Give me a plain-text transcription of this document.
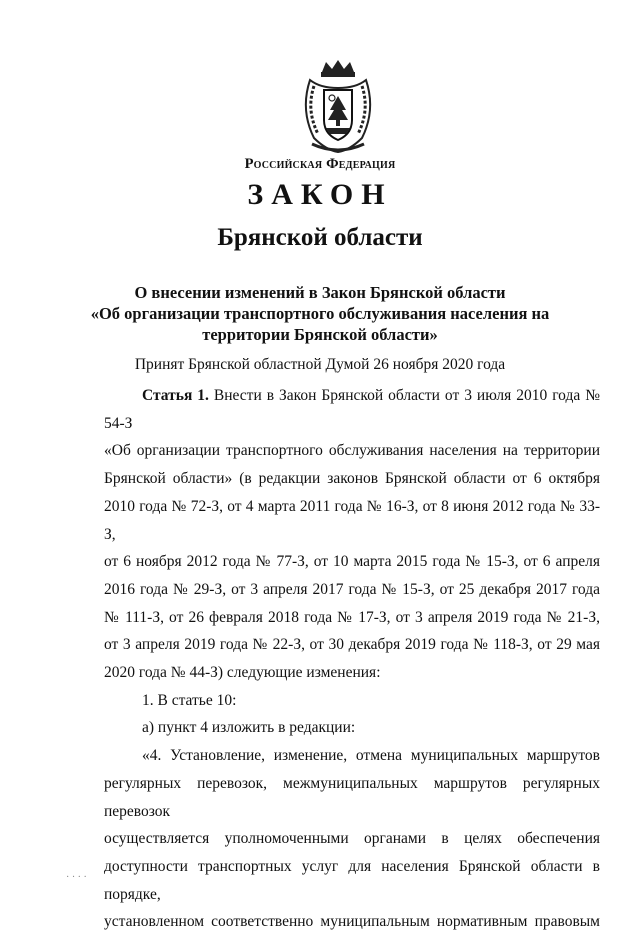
Российская Федерация
ЗАКОН
Брянской области
О внесении изменений в Закон Брянской области
«Об организации транспортного обслуживания населения на
территории Брянской области»
Принят Брянской областной Думой 26 ноября 2020 года

Статья 1. Внести в Закон Брянской области от 3 июля 2010 года № 54-З

«Об организации транспортного обслуживания населения на территории

Брянской области» (в редакции законов Брянской области от 6 октября

2010 года № 72-З, от 4 марта 2011 года № 16-З, от 8 июня 2012 года № 33-З,

от 6 ноября 2012 года № 77-З, от 10 марта 2015 года № 15-З, от 6 апреля

2016 года № 29-З, от 3 апреля 2017 года № 15-З, от 25 декабря 2017 года

№ 111-З, от 26 февраля 2018 года № 17-З, от 3 апреля 2019 года № 21-З,

от 3 апреля 2019 года № 22-З, от 30 декабря 2019 года № 118-З, от 29 мая

2020 года № 44-З) следующие изменения:

1. В статье 10:

а) пункт 4 изложить в редакции:

«4. Установление, изменение, отмена муниципальных маршрутов

регулярных перевозок, межмуниципальных маршрутов регулярных перевозок

осуществляется уполномоченными органами в целях обеспечения

доступности транспортных услуг для населения Брянской области в порядке,

установленном соответственно муниципальным нормативным правовым

· · · ·
